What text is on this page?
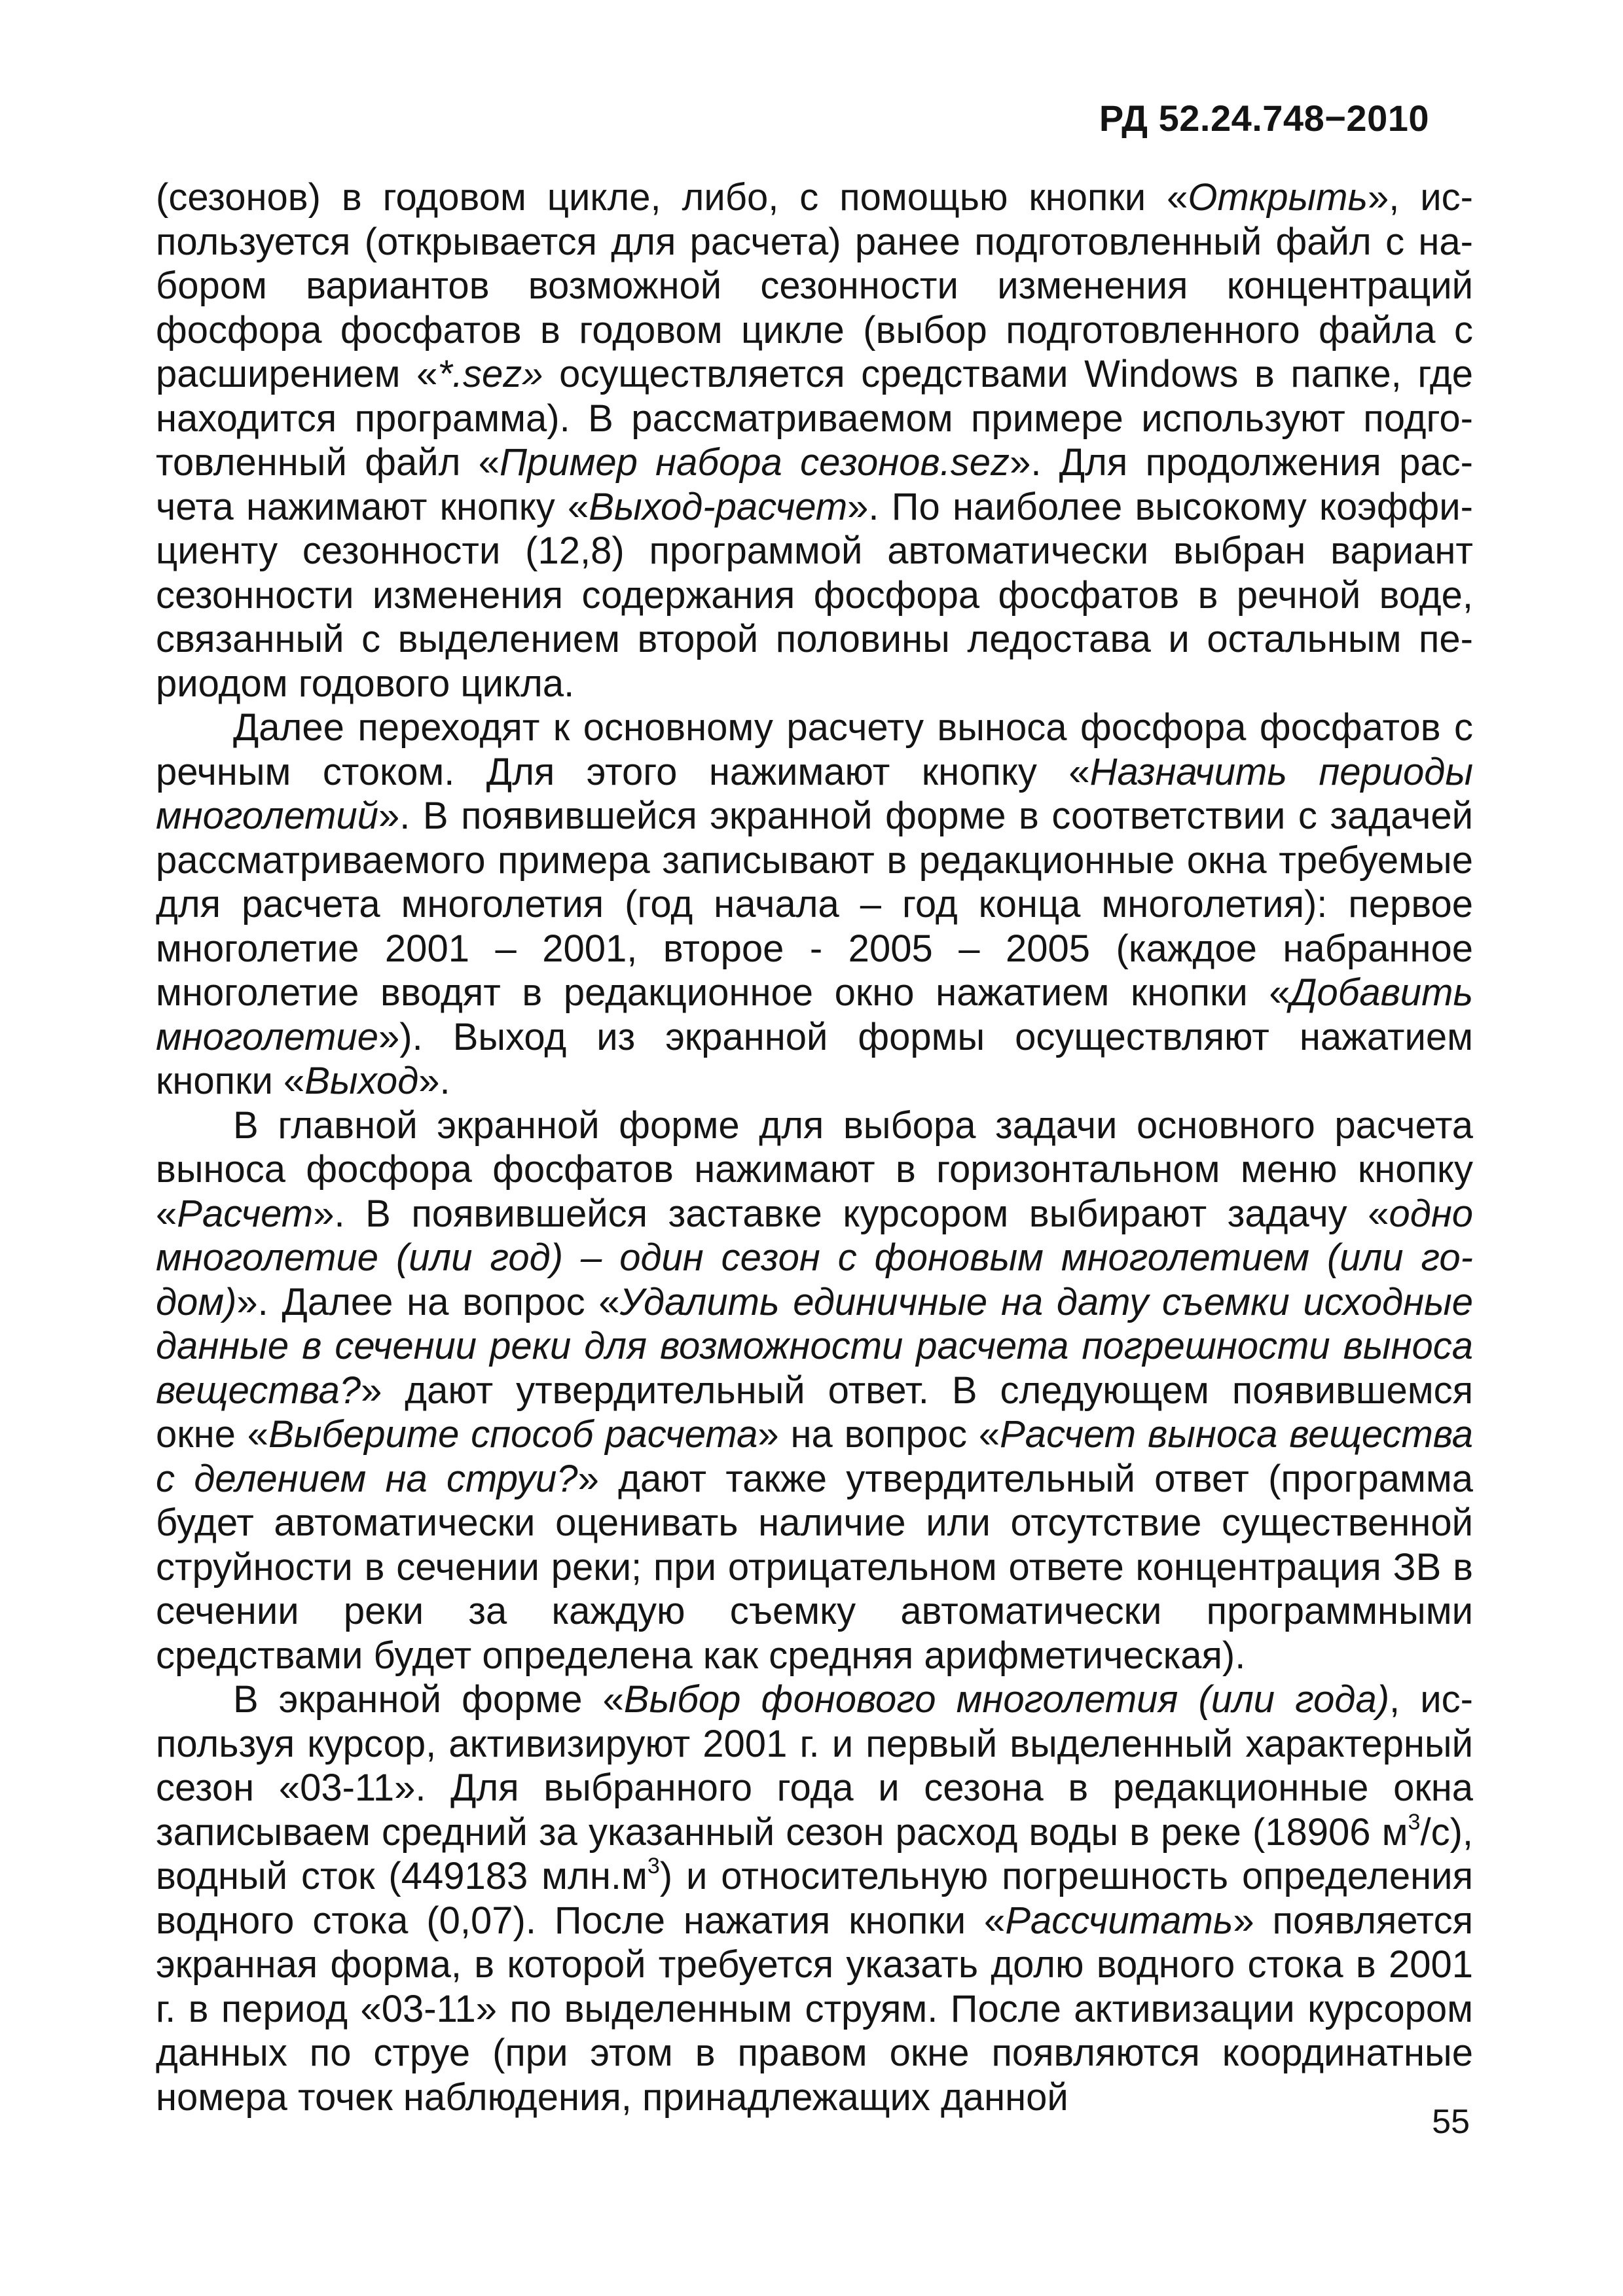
РД 52.24.748−2010

(сезонов) в годовом цикле, либо, с помощью кнопки «Открыть», используется (открывается для расчета) ранее подготовленный файл с набором вариантов возможной сезонности изменения концентраций фосфора фосфатов в годовом цикле (выбор подготовленного файла с расширением «*.sez» осуществляется средствами Windows в папке, где находится программа). В рассматриваемом примере используют подготовленный файл «Пример набора сезонов.sez». Для продолжения расчета нажимают кнопку «Выход-расчет». По наиболее высокому коэффициенту сезонности (12,8) программой автоматически выбран вариант сезонности изменения содержания фосфора фосфатов в речной воде, связанный с выделением второй половины ледостава и остальным периодом годового цикла.

Далее переходят к основному расчету выноса фосфора фосфатов с речным стоком. Для этого нажимают кнопку «Назначить периоды многолетий». В появившейся экранной форме в соответствии с задачей рассматриваемого примера записывают в редакционные окна требуемые для расчета многолетия (год начала – год конца многолетия): первое многолетие 2001 – 2001, второе - 2005 – 2005 (каждое набранное многолетие вводят в редакционное окно нажатием кнопки «Добавить многолетие»). Выход из экранной формы осуществляют нажатием кнопки «Выход».

В главной экранной форме для выбора задачи основного расчета выноса фосфора фосфатов нажимают в горизонтальном меню кнопку «Расчет». В появившейся заставке курсором выбирают задачу «одно многолетие (или год) – один сезон с фоновым многолетием (или годом)». Далее на вопрос «Удалить единичные на дату съемки исходные данные в сечении реки для возможности расчета погрешности выноса вещества?» дают утвердительный ответ. В следующем появившемся окне «Выберите способ расчета» на вопрос «Расчет выноса вещества с делением на струи?» дают также утвердительный ответ (программа будет автоматически оценивать наличие или отсутствие существенной струйности в сечении реки; при отрицательном ответе концентрация ЗВ в сечении реки за каждую съемку автоматически программными средствами будет определена как средняя арифметическая).

В экранной форме «Выбор фонового многолетия (или года), используя курсор, активизируют 2001 г. и первый выделенный характерный сезон «03-11». Для выбранного года и сезона в редакционные окна записываем средний за указанный сезон расход воды в реке (18906 $м^3/с$), водный сток (449183 $млн.м^3$) и относительную погрешность определения водного стока (0,07). После нажатия кнопки «Рассчитать» появляется экранная форма, в которой требуется указать долю водного стока в 2001 г. в период «03-11» по выделенным струям. После активизации курсором данных по струе (при этом в правом окне появляются координатные номера точек наблюдения, принадлежащих данной

55
